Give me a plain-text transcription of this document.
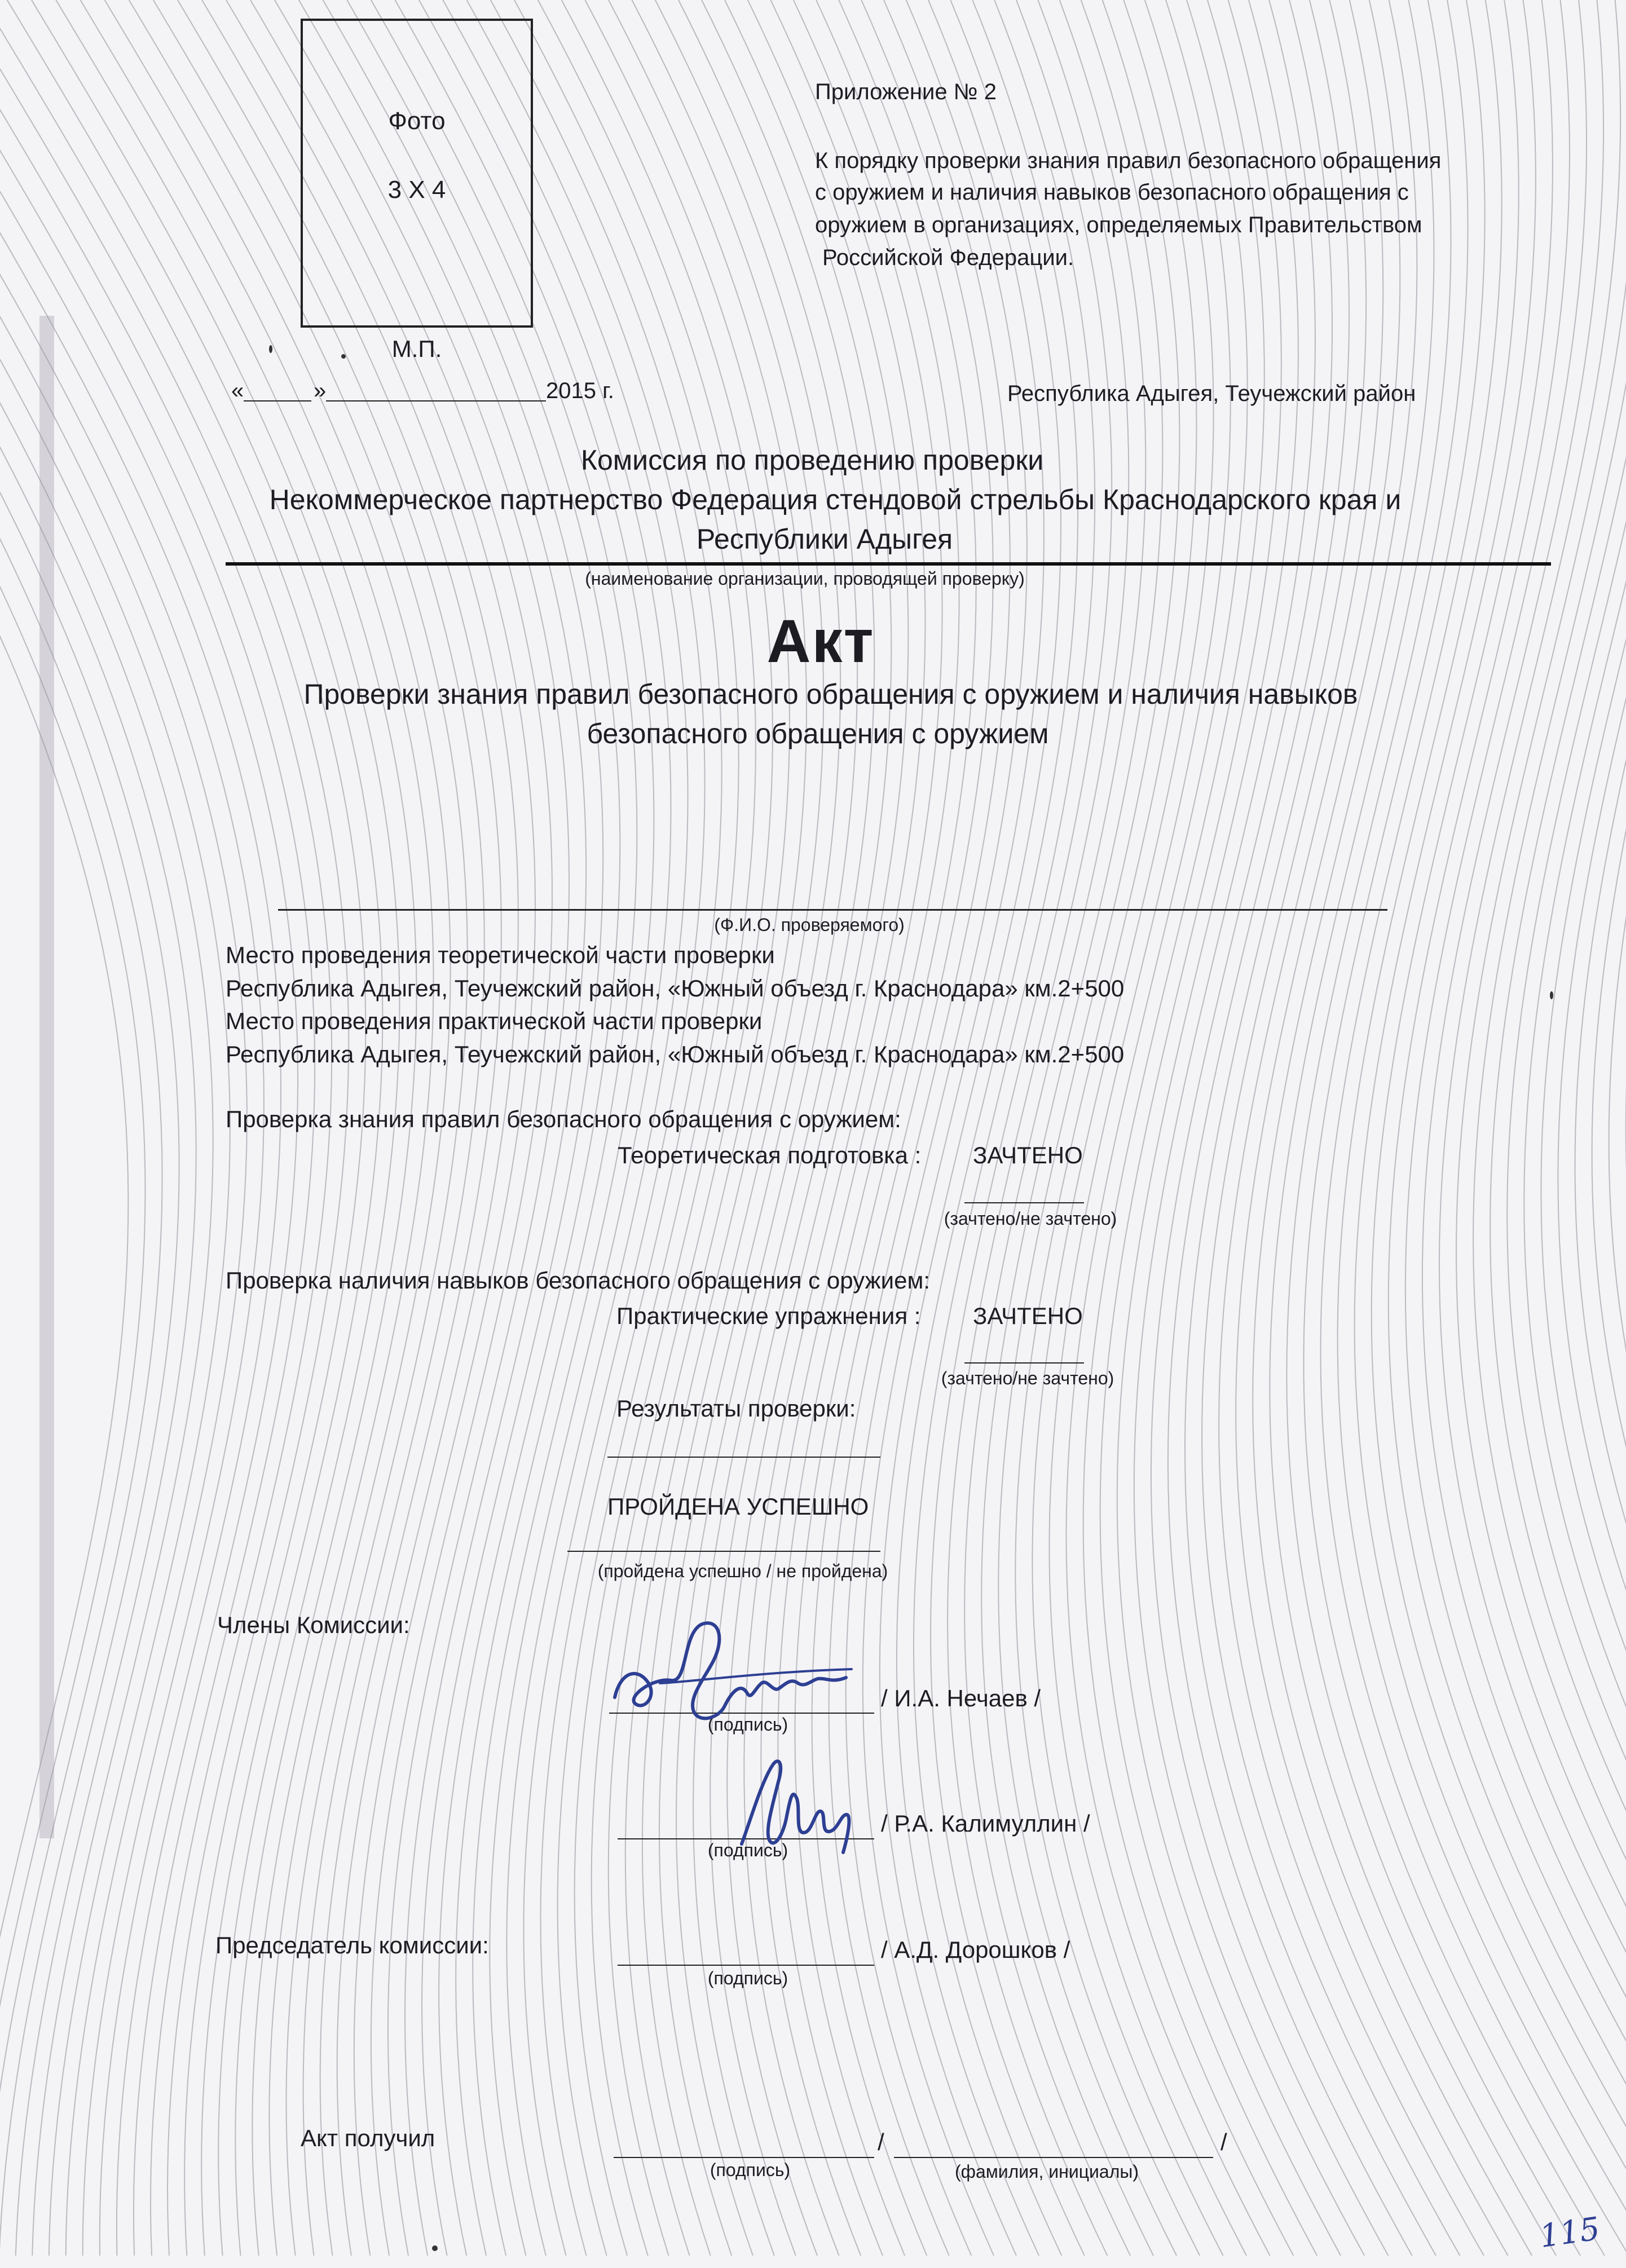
Фото
3 Х 4
М.П.
Приложение № 2
К порядку проверки знания правил безопасного обращения
с оружием и наличия навыков безопасного обращения с
оружием в организациях, определяемых Правительством
Российской Федерации.
«	»	2015 г.	Республика Адыгея, Теучежский район
Комиссия по проведению проверки
Некоммерческое партнерство Федерация стендовой стрельбы Краснодарского края и
Республики Адыгея
(наименование организации, проводящей проверку)
Акт
Проверки знания правил безопасного обращения с оружием и наличия навыков
безопасного обращения с оружием
(Ф.И.О. проверяемого)
Место проведения теоретической части проверки
Республика Адыгея, Теучежский район, «Южный объезд г. Краснодара» км.2+500
Место проведения практической части проверки
Республика Адыгея, Теучежский район, «Южный объезд г. Краснодара» км.2+500
Проверка знания правил безопасного обращения с оружием:
Теоретическая подготовка : ЗАЧТЕНО
(зачтено/не зачтено)
Проверка наличия навыков безопасного обращения с оружием:
Практические упражнения : ЗАЧТЕНО
(зачтено/не зачтено)
Результаты проверки:
ПРОЙДЕНА УСПЕШНО
(пройдена успешно / не пройдена)
Члены Комиссии:
/ И.А. Нечаев /
(подпись)
/ Р.А. Калимуллин /
(подпись)
Председатель комиссии:	/ А.Д. Дорошков /
(подпись)
Акт получил	/	/
(подпись)	(фамилия, инициалы)
115
